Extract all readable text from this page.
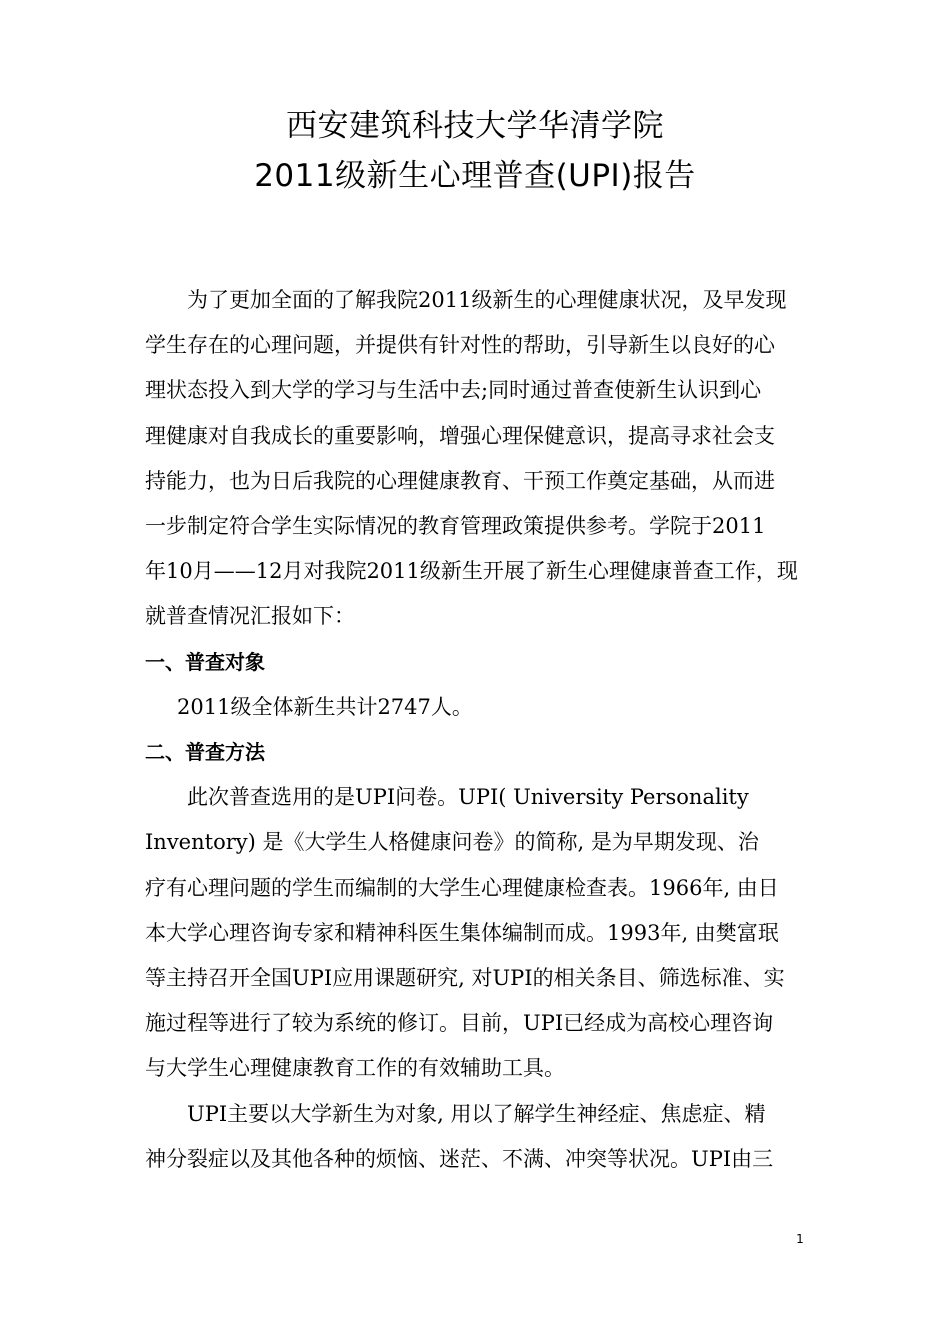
西安建筑科技大学华清学院
2011级新生心理普查(UPI)报告

为了更加全面的了解我院2011级新生的心理健康状况，及早发现

学生存在的心理问题，并提供有针对性的帮助，引导新生以良好的心

理状态投入到大学的学习与生活中去;同时通过普查使新生认识到心

理健康对自我成长的重要影响，增强心理保健意识，提高寻求社会支

持能力，也为日后我院的心理健康教育、干预工作奠定基础，从而进

一步制定符合学生实际情况的教育管理政策提供参考。学院于2011

年10月——12月对我院2011级新生开展了新生心理健康普查工作，现

就普查情况汇报如下：

一、普查对象

2011级全体新生共计2747人。

二、普查方法

此次普查选用的是UPI问卷。UPI( University Personality

Inventory) 是《大学生人格健康问卷》的简称, 是为早期发现、治

疗有心理问题的学生而编制的大学生心理健康检查表。1966年, 由日

本大学心理咨询专家和精神科医生集体编制而成。1993年, 由樊富珉

等主持召开全国UPI应用课题研究, 对UPI的相关条目、筛选标准、实

施过程等进行了较为系统的修订。目前，UPI已经成为高校心理咨询

与大学生心理健康教育工作的有效辅助工具。

UPI主要以大学新生为对象, 用以了解学生神经症、焦虑症、精

神分裂症以及其他各种的烦恼、迷茫、不满、冲突等状况。UPI由三

1
